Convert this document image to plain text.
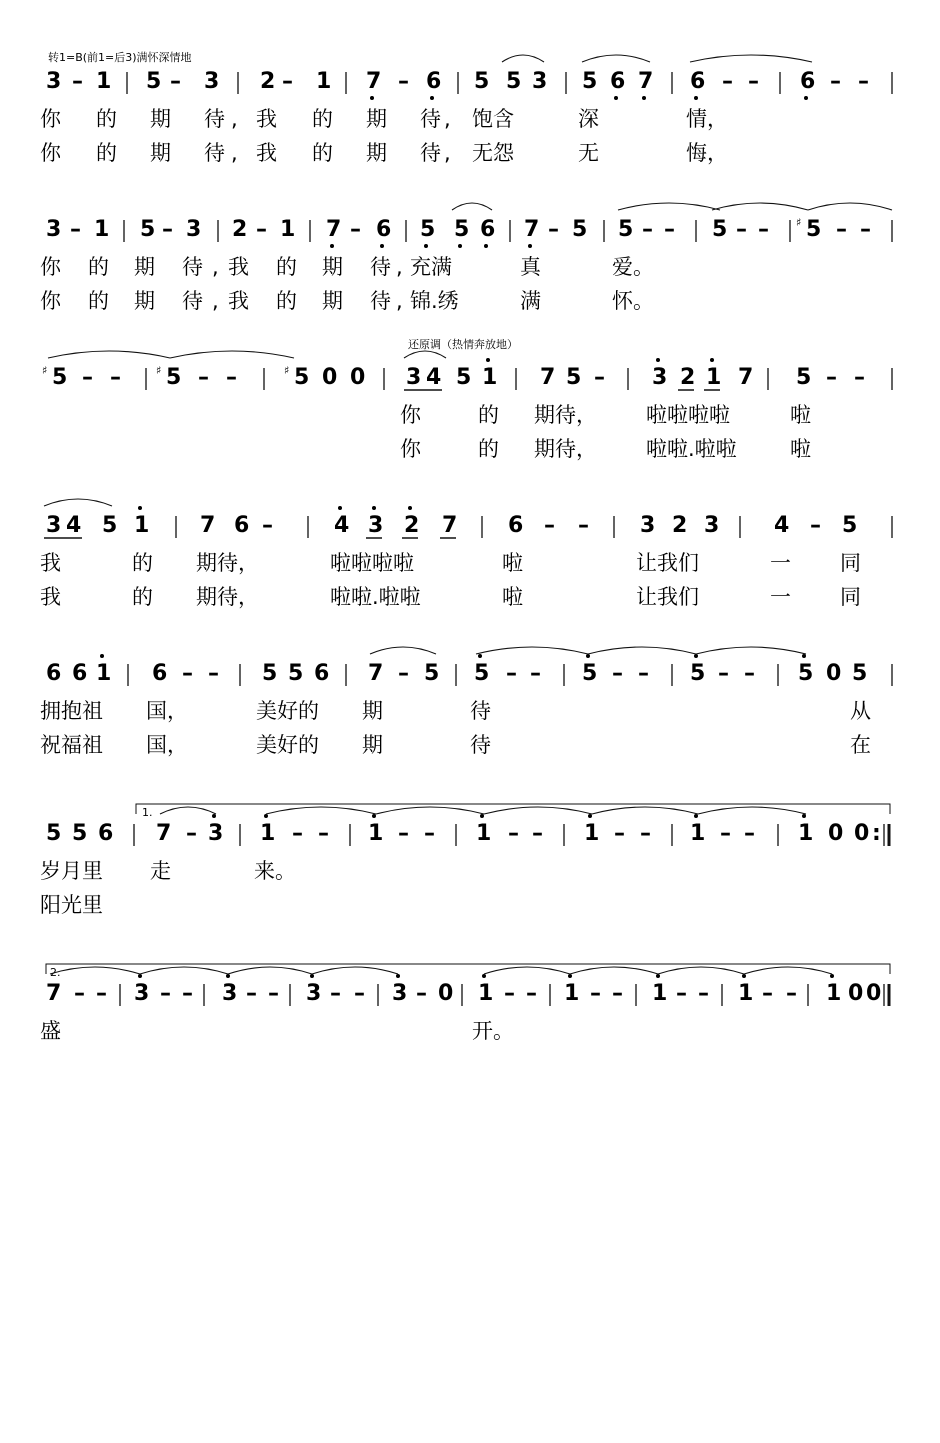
转1=B(前1=后3)满怀深情地
还原调（热情奔放地）
3 – 1 5 – 3 2 – 1 7 – 6 5 5 3 5 6 7 6 – – 6 – –
你 的 期 待 , 我 的 期 待 , 饱含	深	情，
你 的 期 待 , 我 的 期 待 , 无怨	无	悔，
3 – 1 5 – 3 2 – 1 7 – 6 5 5 6 7 – 5 5 – – 5 – – ♯ 5 – –
你 的 期 待 , 我 的 期 待 , 充满	真	爱。
你 的 期 待 , 我 的 期 待 , 锦.绣	满	怀。
♯ 5 – –	♯ 5 – –	♯ 5 0 0 3 4 5 1 7 5 – 3 2 1 7 5 – –
你	的 期待， 啦啦啦啦	啦
你	的 期待， 啦啦.啦啦	啦
3 4 5 1 7 6 –	4 3 2 7 6 – – 3 2 3 4 – 5
我	的 期待，	啦啦啦啦	啦	让我们	一 同
我	的 期待，	啦啦.啦啦	啦	让我们	一 同
6 6 1 6 – – 5 5 6 7 – 5 5 – – 5 – – 5 – – 5 0 5
拥抱祖 国，	美好的 期	待	从
祝福祖 国，	美好的 期	待	在
1.
5 5 6 7 – 3 1 – – 1 – – 1 – – 1 – – 1 – – 1 0 0 :
岁月里 走	来。
阳光里
2.
7 – – 3 – – 3 – – 3 – – 3 – 0 1 – – 1 – – 1 – – 1 – – 1 0 0
盛	开。
